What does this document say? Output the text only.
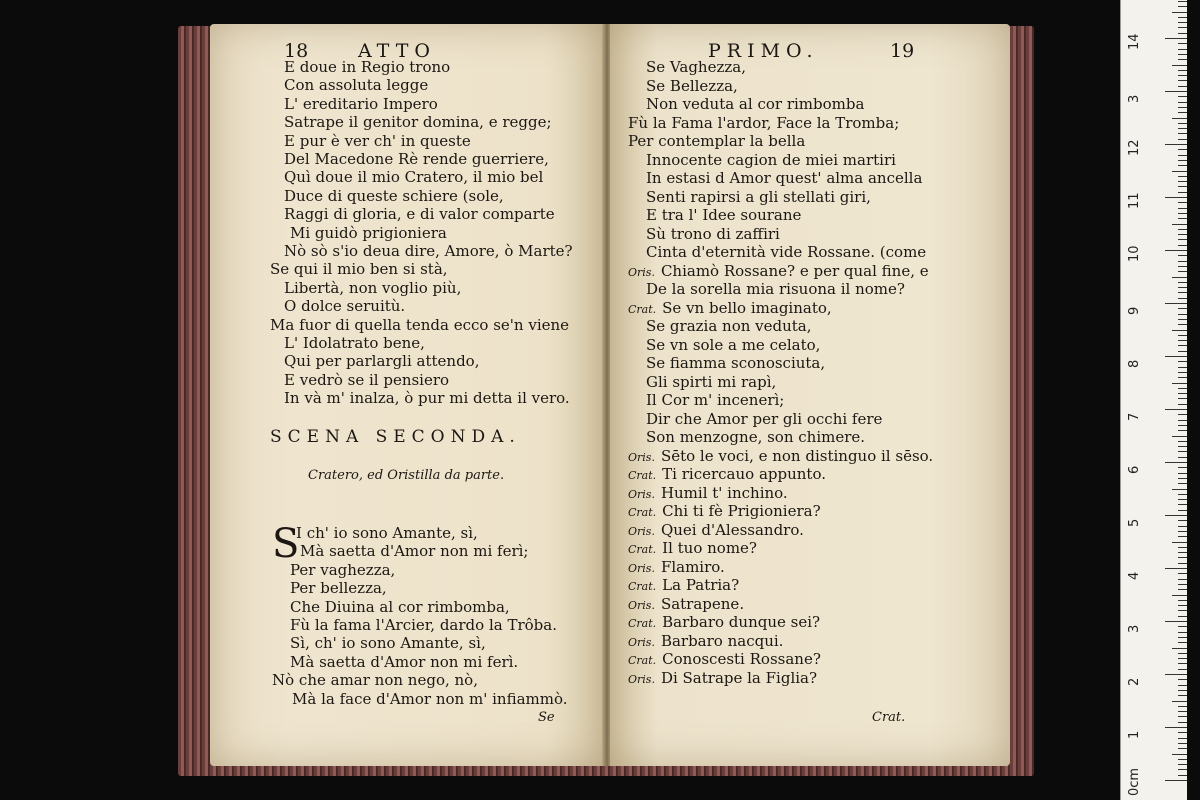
18	ATTO
E doue in Regio trono
Con assoluta legge
L' ereditario Impero
Satrape il genitor domina, e regge;
E pur è ver ch' in queste
Del Macedone Rè rende guerriere,
Quì doue il mio Cratero, il mio bel
Duce di queste schiere (sole,
Raggi di gloria, e di valor comparte
Mi guidò prigioniera
Nò sò s'io deua dire, Amore, ò Marte?
Se qui il mio ben si stà,
Libertà, non voglio più,
O dolce seruitù.
Ma fuor di quella tenda ecco se'n viene
L' Idolatrato bene,
Qui per parlargli attendo,
E vedrò se il pensiero
In và m' inalza, ò pur mi detta il vero.
SCENA SECONDA.
Cratero, ed Oristilla da parte.
S
I ch' io sono Amante, sì,
Mà saetta d'Amor non mi ferì;
Per vaghezza,
Per bellezza,
Che Diuina al cor rimbomba,
Fù la fama l'Arcier, dardo la Trôba.
Sì, ch' io sono Amante, sì,
Mà saetta d'Amor non mi ferì.
Nò che amar non nego, nò,
Mà la face d'Amor non m' infiammò.
Se
PRIMO.	19
Se Vaghezza,
Se Bellezza,
Non veduta al cor rimbomba
Fù la Fama l'ardor, Face la Tromba;
Per contemplar la bella
Innocente cagion de miei martiri
In estasi d Amor quest' alma ancella
Senti rapirsi a gli stellati giri,
E tra l' Idee sourane
Sù trono di zaffiri
Cinta d'eternità vide Rossane. (come
Oris. Chiamò Rossane? e per qual fine, e
De la sorella mia risuona il nome?
Crat. Se vn bello imaginato,
Se grazia non veduta,
Se vn sole a me celato,
Se fiamma sconosciuta,
Gli spirti mi rapì,
Il Cor m' incenerì;
Dir che Amor per gli occhi fere
Son menzogne, son chimere.
Oris. Sēto le voci, e non distinguo il sēso.
Crat. Ti ricercauo appunto.
Oris. Humil t' inchino.
Crat. Chi ti fè Prigioniera?
Oris. Quei d'Alessandro.
Crat. Il tuo nome?
Oris. Flamiro.
Crat. La Patria?
Oris. Satrapene.
Crat. Barbaro dunque sei?
Oris. Barbaro nacqui.
Crat. Conoscesti Rossane?
Oris. Di Satrape la Figlia?
Crat.
1
2
3
4
5
6
7
8
9
10
11
12
3
14
0cm
